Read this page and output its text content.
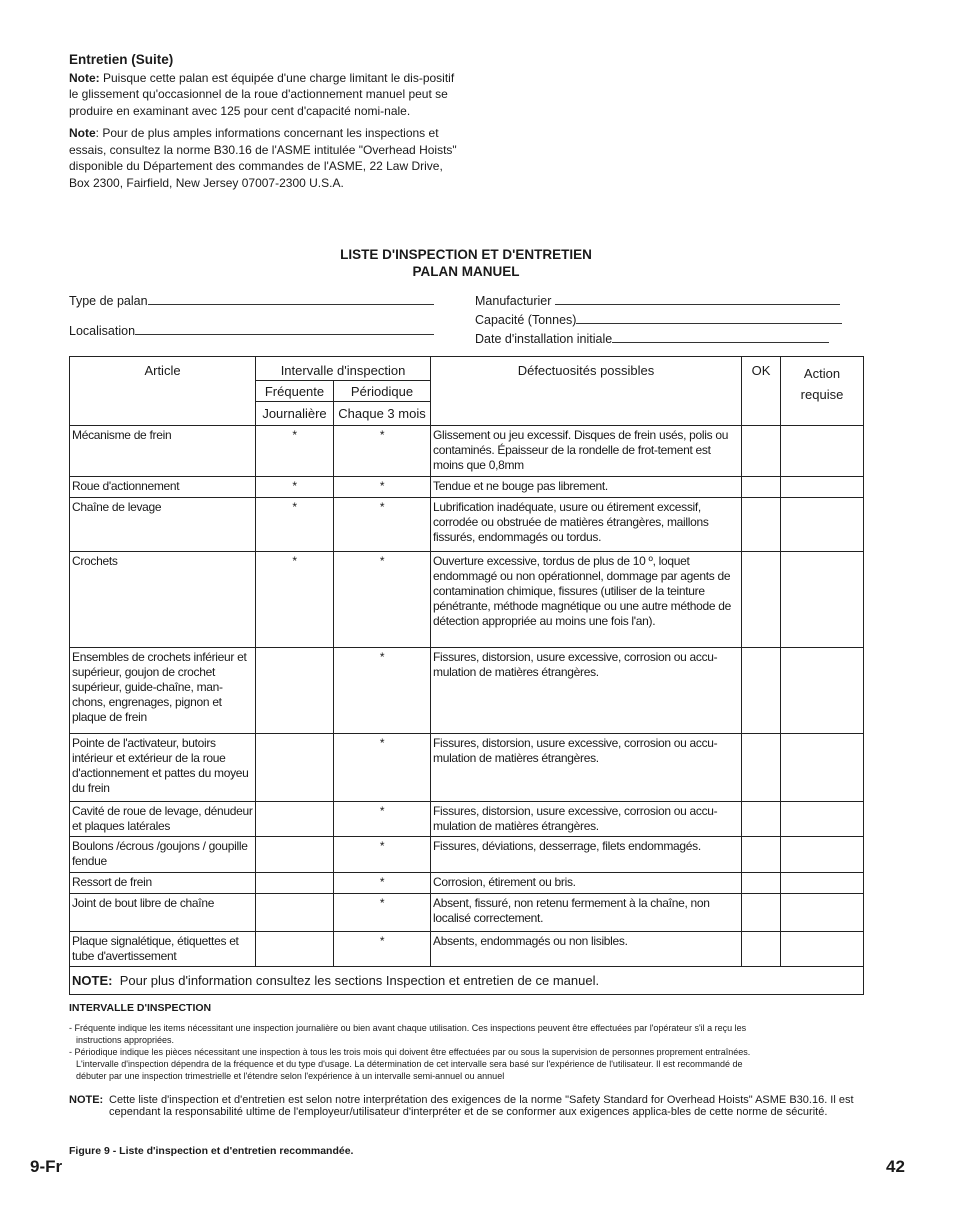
Entretien (Suite)

Note: Puisque cette palan est équipée d'une charge limitant le dis-positif le glissement qu'occasionnel de la roue d'actionnement manuel peut se produire en examinant avec 125 pour cent d'capacité nomi-nale.

Note: Pour de plus amples informations concernant les inspections et essais, consultez la norme B30.16 de l'ASME intitulée "Overhead Hoists" disponible du Département des commandes de l'ASME, 22 Law Drive, Box 2300, Fairfield, New Jersey 07007-2300 U.S.A.

LISTE D'INSPECTION ET D'ENTRETIEN
PALAN MANUEL
Type de palan
Localisation
Manufacturier
Capacité (Tonnes)
Date d'installation initiale
Article	Intervalle d'inspection		Défectuosités possibles	OK	Action
requise
	Fréquente	Périodique			
	Journalière	Chaque 3 mois			
Mécanisme de frein	*	*	Glissement ou jeu excessif. Disques de frein usés, polis ou contaminés. Épaisseur de la rondelle de frot-tement est moins que 0,8mm		
Roue d'actionnement	*	*	Tendue et ne bouge pas librement.		
Chaîne de levage	*	*	Lubrification inadéquate, usure ou étirement excessif, corrodée ou obstruée de matières étrangères, maillons fissurés, endommagés ou tordus.		
Crochets	*	*	Ouverture excessive, tordus de plus de 10 º, loquet endommagé ou non opérationnel, dommage par agents de contamination chimique, fissures (utiliser de la teinture pénétrante, méthode magnétique ou une autre méthode de détection appropriée au moins une fois l'an).		
Ensembles de crochets inférieur et supérieur, goujon de crochet supérieur, guide-chaîne, man-chons, engrenages, pignon et plaque de frein		*	Fissures, distorsion, usure excessive, corrosion ou accu-mulation de matières étrangères.		
Pointe de l'activateur, butoirs intérieur et extérieur de la roue d'actionnement et pattes du moyeu du frein		*	Fissures, distorsion, usure excessive, corrosion ou accu-mulation de matières étrangères.		
Cavité de roue de levage, dénudeur et plaques latérales		*	Fissures, distorsion, usure excessive, corrosion ou accu-mulation de matières étrangères.		
Boulons /écrous /goujons / goupille fendue		*	Fissures, déviations, desserrage, filets endommagés.		
Ressort de frein		*	Corrosion, étirement ou bris.		
Joint de bout libre de chaîne		*	Absent, fissuré, non retenu fermement à la chaîne, non localisé correctement.		
Plaque signalétique, étiquettes et tube d'avertissement		*	Absents, endommagés ou non lisibles.		
NOTE: Pour plus d'information consultez les sections Inspection et entretien de ce manuel.					
INTERVALLE D'INSPECTION
- Fréquente indique les items nécessitant une inspection journalière ou bien avant chaque utilisation. Ces inspections peuvent être effectuées par l'opérateur s'il a reçu les
instructions appropriées.
- Périodique indique les pièces nécessitant une inspection à tous les trois mois qui doivent être effectuées par ou sous la supervision de personnes proprement entraînées.
L'intervalle d'inspection dépendra de la fréquence et du type d'usage. La détermination de cet intervalle sera basé sur l'expérience de l'utilisateur. Il est recommandé de
débuter par une inspection trimestrielle et l'étendre selon l'expérience à un intervalle semi-annuel ou annuel
NOTE: Cette liste d'inspection et d'entretien est selon notre interprétation des exigences de la norme "Safety Standard for Overhead Hoists" ASME B30.16. Il est cependant la responsabilité ultime de l'employeur/utilisateur d'interpréter et de se conformer aux exigences applica-bles de cette norme de sécurité.
Figure 9 - Liste d'inspection et d'entretien recommandée.
9-Fr	42
